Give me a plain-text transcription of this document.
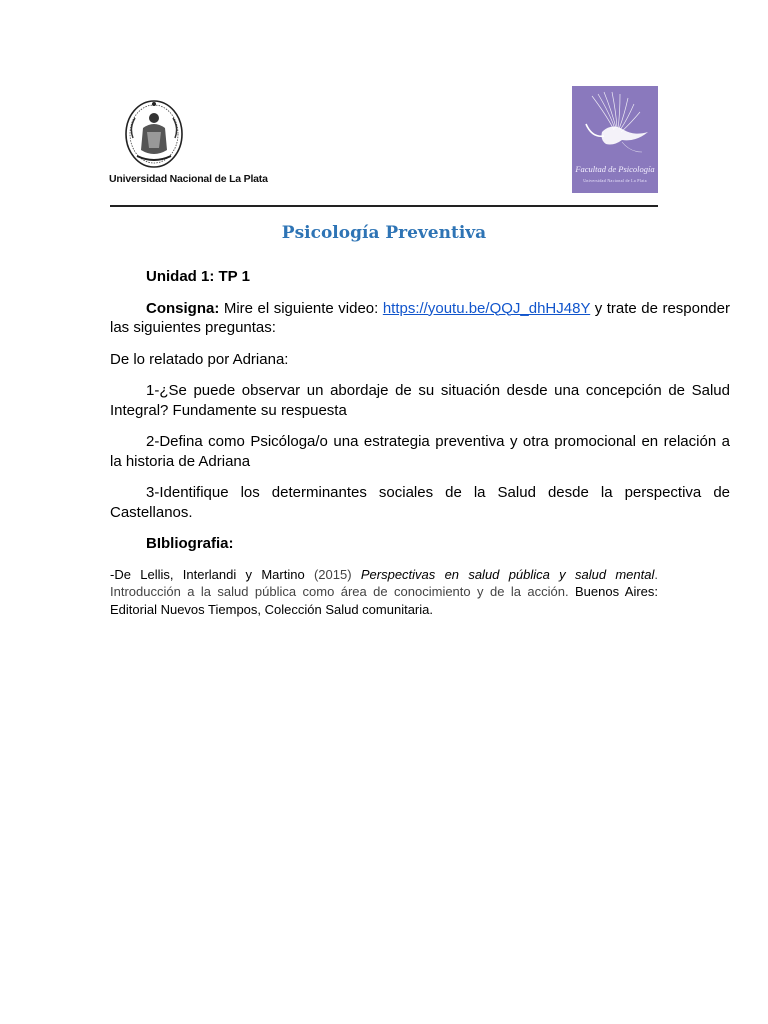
Universidad Nacional de La Plata
Facultad de Psicología
Universidad Nacional de La Plata
Psicología Preventiva

Unidad 1: TP 1

Consigna: Mire el siguiente video: https://youtu.be/QQJ_dhHJ48Y y trate de responder las siguientes preguntas:

De lo relatado por Adriana:

1-¿Se puede observar un abordaje de su situación desde una concepción de Salud Integral? Fundamente su respuesta

2-Defina como Psicóloga/o una estrategia preventiva y otra promocional en relación a la historia de Adriana

3-Identifique los determinantes sociales de la Salud desde la perspectiva de Castellanos.

BIbliografia:

-De Lellis, Interlandi y Martino (2015) Perspectivas en salud pública y salud mental. Introducción a la salud pública como área de conocimiento y de la acción. Buenos Aires: Editorial Nuevos Tiempos, Colección Salud comunitaria.
